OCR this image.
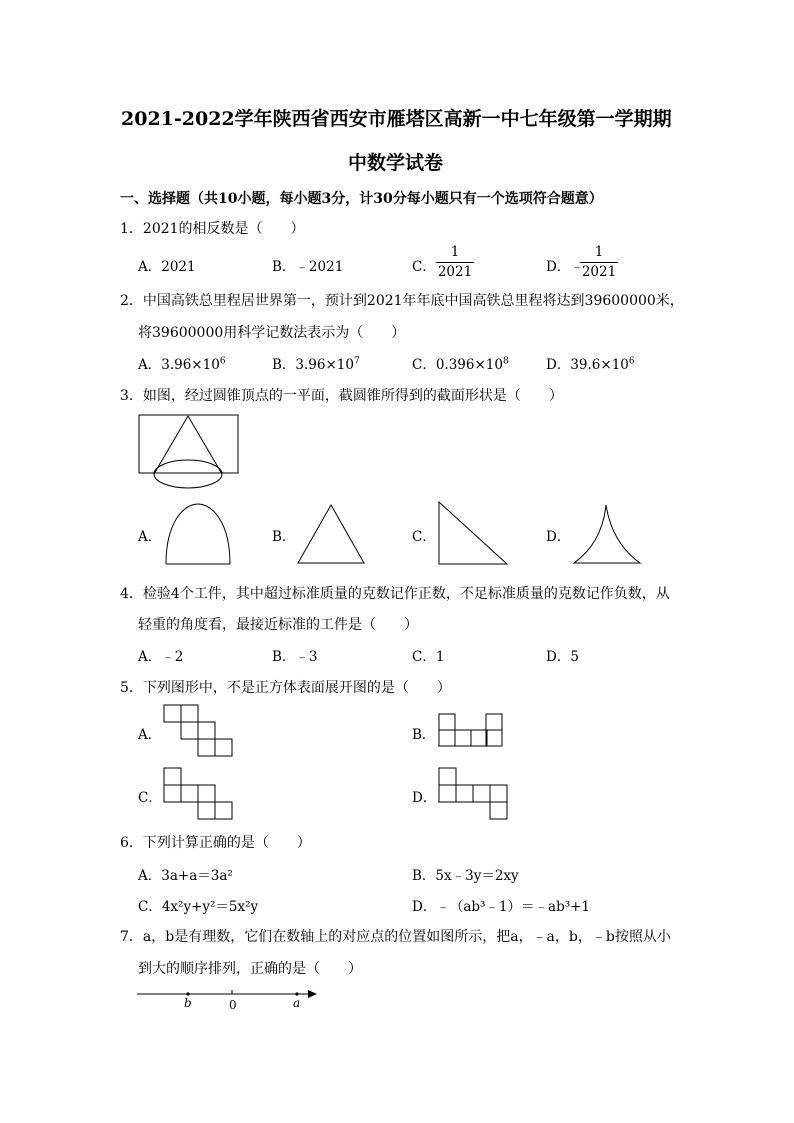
2021-2022学年陕西省西安市雁塔区高新一中七年级第一学期期
中数学试卷
一、选择题（共10小题，每小题3分，计30分每小题只有一个选项符合题意）
1．2021的相反数是（　　）
A．2021	B．﹣2021	C．
1
2021	D．﹣
1
2021
2．中国高铁总里程居世界第一，预计到2021年年底中国高铁总里程将达到39600000米，
将39600000用科学记数法表示为（　　）
A．$3.96\times 10^6$	B．$3.96\times 10^7$	C．$0.396\times 10^8$	D．$39.6\times 10^6$
3．如图，经过圆锥顶点的一平面，截圆锥所得到的截面形状是（　　）
A．	B．	C．	D．
4．检验4个工件，其中超过标准质量的克数记作正数，不足标准质量的克数记作负数，从
轻重的角度看，最接近标准的工件是（　　）
A．﹣2	B．﹣3	C．1	D．5
5．下列图形中，不是正方体表面展开图的是（　　）
A．	B．
C．	D．
6．下列计算正确的是（　　）
A．3a+a＝3a²	B．5x﹣3y＝2xy
C．4x²y+y²＝5x²y	D．﹣（ab³﹣1）＝﹣ab³+1
7．a，b是有理数，它们在数轴上的对应点的位置如图所示，把a，﹣a，b，﹣b按照从小
到大的顺序排列，正确的是（　　）
b	0	a
